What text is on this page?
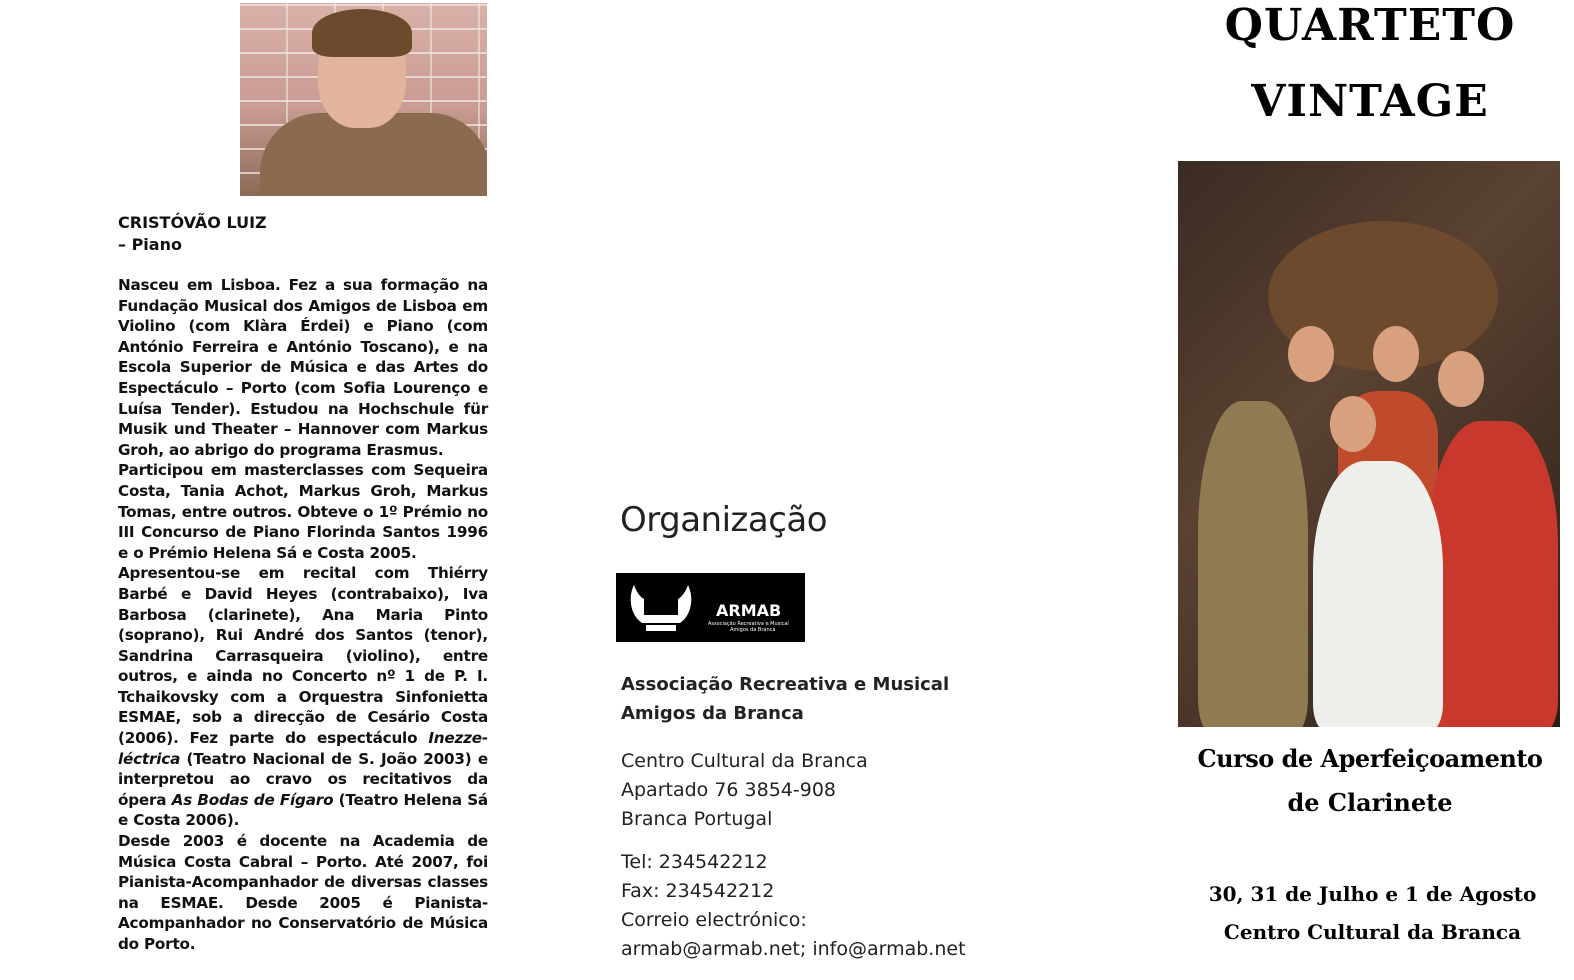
CRISTÓVÃO LUIZ
– Piano

Nasceu em Lisboa. Fez a sua formação na Fundação Musical dos Amigos de Lisboa em Violino (com Klàra Érdei) e Piano (com António Ferreira e António Toscano), e na Escola Superior de Música e das Artes do Espectáculo – Porto (com Sofia Lourenço e Luísa Tender). Estudou na Hochschule für Musik und Theater – Hannover com Markus Groh, ao abrigo do programa Erasmus.

Participou em masterclasses com Sequeira Costa, Tania Achot, Markus Groh, Markus Tomas, entre outros. Obteve o 1º Prémio no III Concurso de Piano Florinda Santos 1996 e o Prémio Helena Sá e Costa 2005.

Apresentou-se em recital com Thiérry Barbé e David Heyes (contrabaixo), Iva Barbosa (clarinete), Ana Maria Pinto (soprano), Rui André dos Santos (tenor), Sandrina Carrasqueira (violino), entre outros, e ainda no Concerto nº 1 de P. I. Tchaikovsky com a Orquestra Sinfonietta ESMAE, sob a direcção de Cesário Costa (2006). Fez parte do espectáculo Inezze-léctrica (Teatro Nacional de S. João 2003) e interpretou ao cravo os recitativos da ópera As Bodas de Fígaro (Teatro Helena Sá e Costa 2006).

Desde 2003 é docente na Academia de Música Costa Cabral – Porto. Até 2007, foi Pianista-Acompanhador de diversas classes na ESMAE. Desde 2005 é Pianista-Acompanhador no Conservatório de Música do Porto.

Organização
ARMAB
Associação Recreativa e Musical
Amigos da Branca
Associação Recreativa e Musical
Amigos da Branca
Centro Cultural da Branca
Apartado 76 3854-908
Branca Portugal
Tel: 234542212
Fax: 234542212
Correio electrónico:
armab@armab.net; info@armab.net
QUARTETO
VINTAGE
Curso de Aperfeiçoamento
de Clarinete
30, 31 de Julho e 1 de Agosto
Centro Cultural da Branca
